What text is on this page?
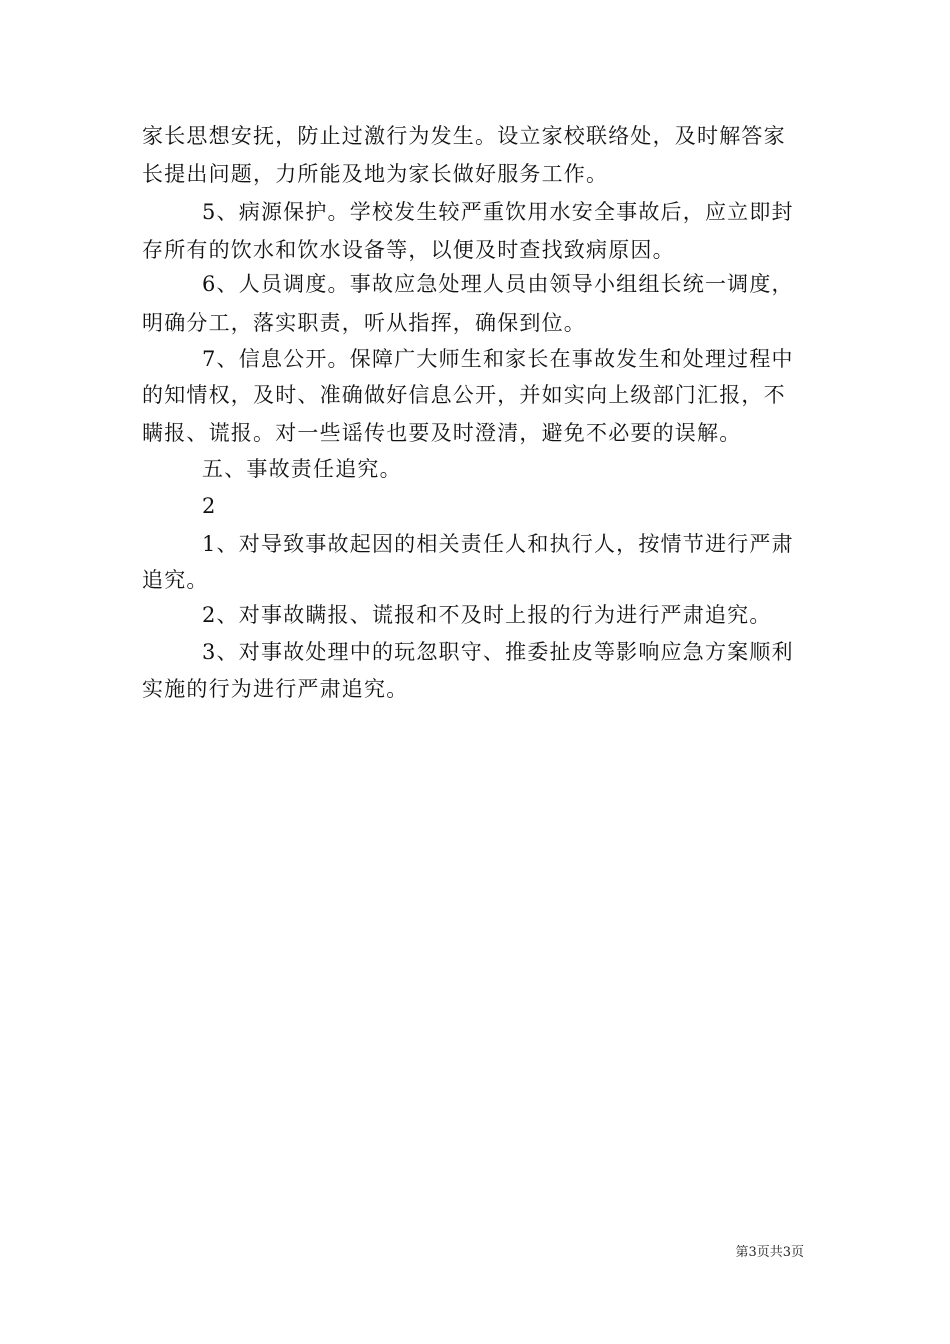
家长思想安抚，防止过激行为发生。设立家校联络处，及时解答家
长提出问题，力所能及地为家长做好服务工作。
5、病源保护。学校发生较严重饮用水安全事故后，应立即封
存所有的饮水和饮水设备等，以便及时查找致病原因。
6、人员调度。事故应急处理人员由领导小组组长统一调度，
明确分工，落实职责，听从指挥，确保到位。
7、信息公开。保障广大师生和家长在事故发生和处理过程中
的知情权，及时、准确做好信息公开，并如实向上级部门汇报，不
瞒报、谎报。对一些谣传也要及时澄清，避免不必要的误解。
五、事故责任追究。
2
1、对导致事故起因的相关责任人和执行人，按情节进行严肃
追究。
2、对事故瞒报、谎报和不及时上报的行为进行严肃追究。
3、对事故处理中的玩忽职守、推委扯皮等影响应急方案顺利
实施的行为进行严肃追究。
第3页共3页
